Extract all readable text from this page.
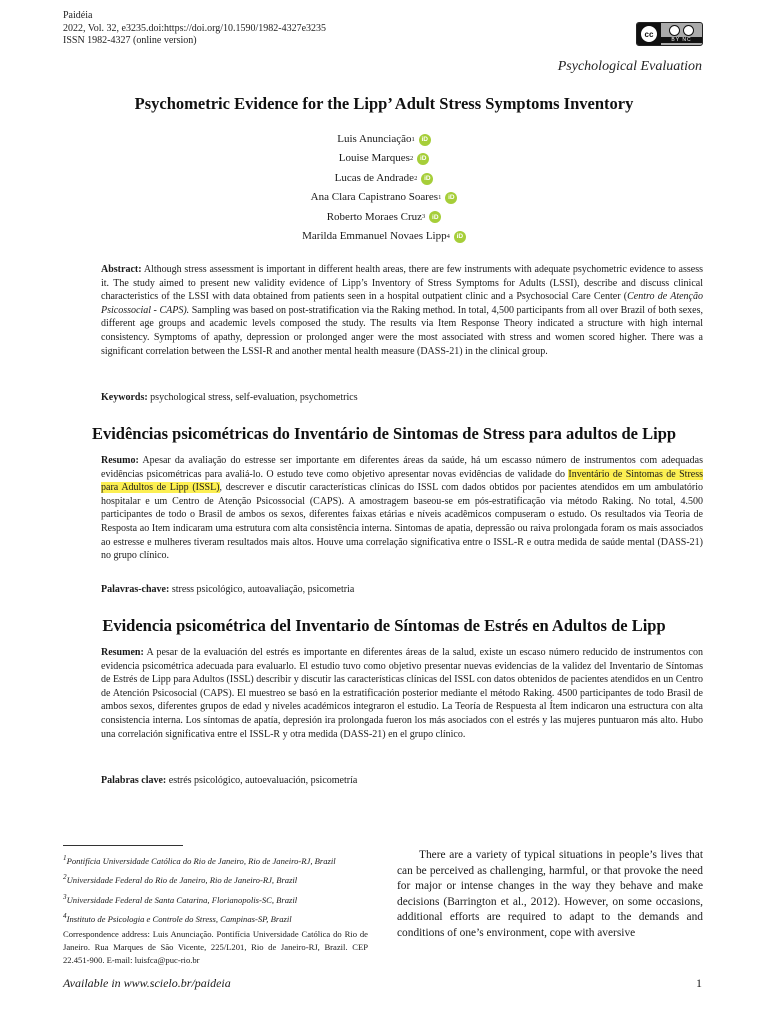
Paidéia
2022, Vol. 32, e3235.doi:https://doi.org/10.1590/1982-4327e3235
ISSN 1982-4327 (online version)
cc
BY NC
Psychological Evaluation
Psychometric Evidence for the Lipp’ Adult Stress Symptoms Inventory
Luis Anunciação 1	iD
Louise Marques 2	iD
Lucas de Andrade 2	iD
Ana Clara Capistrano Soares 1	iD
Roberto Moraes Cruz 3	iD
Marilda Emmanuel Novaes Lipp 4	iD
Abstract: Although stress assessment is important in different health areas, there are few instruments with adequate psychometric evidence to assess it. The study aimed to present new validity evidence of Lipp’s Inventory of Stress Symptoms for Adults (LSSI), describe and discuss clinical characteristics of the LSSI with data obtained from patients seen in a hospital outpatient clinic and a Psychosocial Care Center (Centro de Atenção Psicossocial - CAPS). Sampling was based on post-stratification via the Raking method. In total, 4,500 participants from all over Brazil of both sexes, different age groups and academic levels composed the study. The results via Item Response Theory indicated a structure with high internal consistency. Symptoms of apathy, depression or prolonged anger were the most associated with stress and women scored higher. There was a significant correlation between the LSSI-R and another mental health measure (DASS-21) in the clinical group.
Keywords: psychological stress, self-evaluation, psychometrics
Evidências psicométricas do Inventário de Sintomas de Stress para adultos de Lipp
Resumo: Apesar da avaliação do estresse ser importante em diferentes áreas da saúde, há um escasso número de instrumentos com adequadas evidências psicométricas para avaliá-lo. O estudo teve como objetivo apresentar novas evidências de validade do Inventário de Sintomas de Stress para Adultos de Lipp (ISSL), descrever e discutir características clínicas do ISSL com dados obtidos por pacientes atendidos em um ambulatório hospitalar e um Centro de Atenção Psicossocial (CAPS). A amostragem baseou-se em pós-estratificação via método Raking. No total, 4.500 participantes de todo o Brasil de ambos os sexos, diferentes faixas etárias e níveis acadêmicos compuseram o estudo. Os resultados via Teoria de Resposta ao Item indicaram uma estrutura com alta consistência interna. Sintomas de apatia, depressão ou raiva prolongada foram os mais associados ao estresse e mulheres tiveram resultados mais altos. Houve uma correlação significativa entre o ISSL-R e outra medida de saúde mental (DASS-21) no grupo clínico.
Palavras-chave: stress psicológico, autoavaliação, psicometria
Evidencia psicométrica del Inventario de Síntomas de Estrés en Adultos de Lipp
Resumen: A pesar de la evaluación del estrés es importante en diferentes áreas de la salud, existe un escaso número reducido de instrumentos con evidencia psicométrica adecuada para evaluarlo. El estudio tuvo como objetivo presentar nuevas evidencias de la validez del Inventario de Síntomas de Estrés de Lipp para Adultos (ISSL) describir y discutir las características clínicas del ISSL con datos obtenidos de pacientes atendidos en un Centro de Atención Psicosocial (CAPS). El muestreo se basó en la estratificación posterior mediante el método Raking. 4500 participantes de todo Brasil de ambos sexos, diferentes grupos de edad y niveles académicos integraron el estudio. La Teoría de Respuesta al Ítem indicaron una estructura con alta consistencia interna. Los síntomas de apatía, depresión ira prolongada fueron los más asociados con el estrés y las mujeres puntuaron más alto. Hubo una correlación significativa entre el ISSL-R y otra medida (DASS-21) en el grupo clínico.
Palabras clave: estrés psicológico, autoevaluación, psicometría
$^1$Pontifícia Universidade Católica do Rio de Janeiro, Rio de Janeiro-RJ, Brazil
$^2$Universidade Federal do Rio de Janeiro, Rio de Janeiro-RJ, Brazil
$^3$Universidade Federal de Santa Catarina, Florianopolis-SC, Brazil
$^4$Instituto de Psicologia e Controle do Stress, Campinas-SP, Brazil
Correspondence address: Luis Anunciação. Pontifícia Universidade Católica do Rio de Janeiro. Rua Marques de São Vicente, 225/L201, Rio de Janeiro-RJ, Brazil. CEP 22.451-900. E-mail: luisfca@puc-rio.br
There are a variety of typical situations in people’s lives that can be perceived as challenging, harmful, or that provoke the need for major or intense changes in the way they behave and make decisions (Barrington et al., 2012). However, on some occasions, additional efforts are required to adapt to the demands and conditions of one’s environment, cope with aversive
Available in www.scielo.br/paideia	1
